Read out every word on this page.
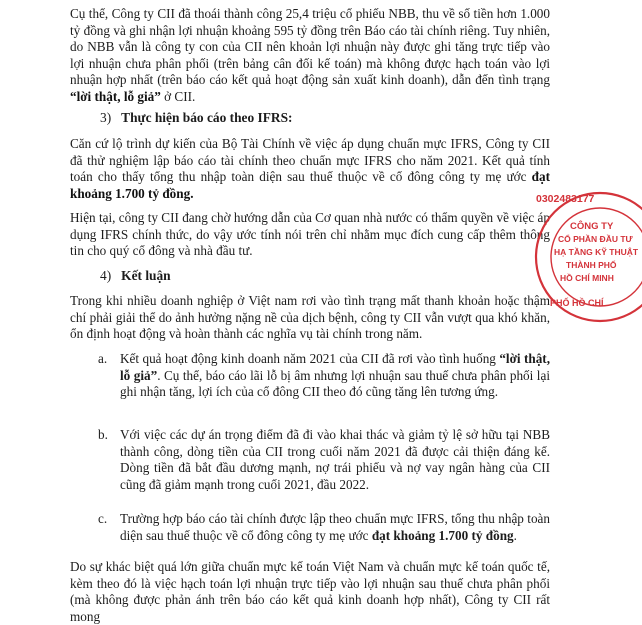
Cụ thể, Công ty CII đã thoái thành công 25,4 triệu cổ phiếu NBB, thu về số tiền hơn 1.000 tỷ đồng và ghi nhận lợi nhuận khoảng 595 tỷ đồng trên Báo cáo tài chính riêng. Tuy nhiên, do NBB vẫn là công ty con của CII nên khoản lợi nhuận này được ghi tăng trực tiếp vào lợi nhuận chưa phân phối (trên bảng cân đối kế toán) mà không được hạch toán vào lợi nhuận hợp nhất (trên báo cáo kết quả hoạt động sản xuất kinh doanh), dẫn đến tình trạng “lời thật, lỗ giả” ở CII.

3) Thực hiện báo cáo theo IFRS:

Căn cứ lộ trình dự kiến của Bộ Tài Chính về việc áp dụng chuẩn mực IFRS, Công ty CII đã thử nghiệm lập báo cáo tài chính theo chuẩn mực IFRS cho năm 2021. Kết quả tính toán cho thấy tổng thu nhập toàn diện sau thuế thuộc về cổ đông công ty mẹ ước đạt khoảng 1.700 tỷ đồng.

Hiện tại, công ty CII đang chờ hướng dẫn của Cơ quan nhà nước có thẩm quyền về việc áp dụng IFRS chính thức, do vậy ước tính nói trên chỉ nhằm mục đích cung cấp thêm thông tin cho quý cổ đông và nhà đầu tư.

4) Kết luận

Trong khi nhiều doanh nghiệp ở Việt nam rơi vào tình trạng mất thanh khoản hoặc thậm chí phải giải thể do ảnh hưởng nặng nề của dịch bệnh, công ty CII vẫn vượt qua khó khăn, ổn định hoạt động và hoàn thành các nghĩa vụ tài chính trong năm.

a. Kết quả hoạt động kinh doanh năm 2021 của CII đã rơi vào tình huống “lời thật, lỗ giả”. Cụ thể, báo cáo lãi lỗ bị âm nhưng lợi nhuận sau thuế chưa phân phối lại ghi nhận tăng, lợi ích của cổ đông CII theo đó cũng tăng lên tương ứng.
b. Với việc các dự án trọng điểm đã đi vào khai thác và giảm tỷ lệ sở hữu tại NBB thành công, dòng tiền của CII trong cuối năm 2021 đã được cải thiện đáng kể. Dòng tiền đã bắt đầu dương mạnh, nợ trái phiếu và nợ vay ngân hàng của CII cũng đã giảm mạnh trong cuối 2021, đầu 2022.
c. Trường hợp báo cáo tài chính được lập theo chuẩn mực IFRS, tổng thu nhập toàn diện sau thuế thuộc về cổ đông công ty mẹ ước đạt khoảng 1.700 tỷ đồng.

Do sự khác biệt quá lớn giữa chuẩn mực kế toán Việt Nam và chuẩn mực kế toán quốc tế, kèm theo đó là việc hạch toán lợi nhuận trực tiếp vào lợi nhuận sau thuế chưa phân phối (mà không được phản ánh trên báo cáo kết quả kinh doanh hợp nhất), Công ty CII rất mong

0302483177
CÔNG TY
CỔ PHẦN ĐẦU TƯ
HẠ TẦNG KỸ THUẬT
THÀNH PHỐ
HỒ CHÍ MINH
PHỐ HỒ CHÍ
